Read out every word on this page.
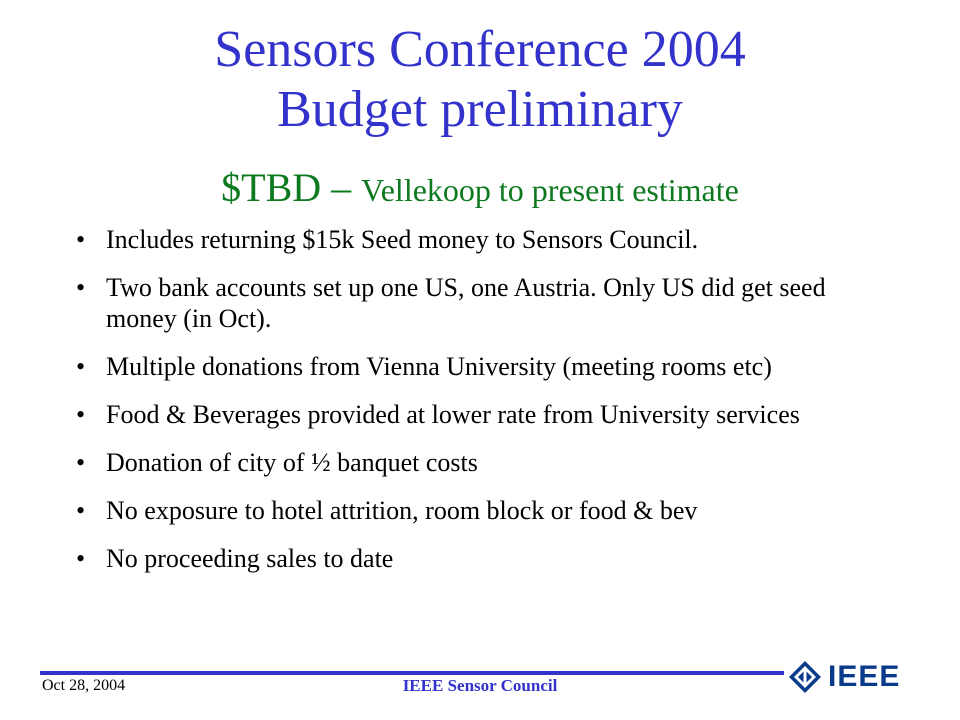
Sensors Conference 2004
Budget preliminary
$TBD – Vellekoop to present estimate
• Includes returning $15k Seed money to Sensors Council.
• Two bank accounts set up one US, one Austria. Only US did get seed money (in Oct).
• Multiple donations from Vienna University (meeting rooms etc)
• Food & Beverages provided at lower rate from University services
• Donation of city of ½ banquet costs
• No exposure to hotel attrition, room block or food & bev
• No proceeding sales to date
Oct 28, 2004	IEEE Sensor Council	IEEE
